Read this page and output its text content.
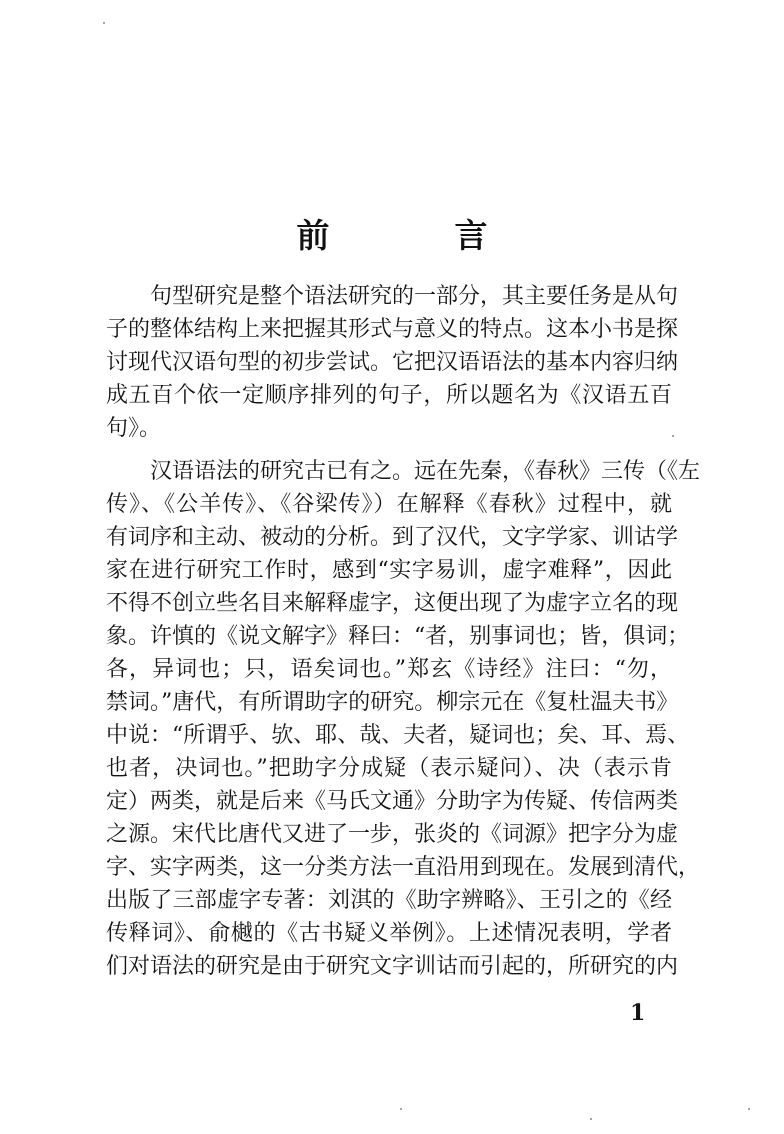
前　言
句型研究是整个语法研究的一部分，其主要任务是从句
子的整体结构上来把握其形式与意义的特点。这本小书是探
讨现代汉语句型的初步尝试。它把汉语语法的基本内容归纳
成五百个依一定顺序排列的句子，所以题名为《汉语五百
句》。
汉语语法的研究古已有之。远在先秦，《春秋》三传（《左
传》、《公羊传》、《谷梁传》）在解释《春秋》过程中，就
有词序和主动、被动的分析。到了汉代，文字学家、训诂学
家在进行研究工作时，感到“实字易训，虚字难释”，因此
不得不创立些名目来解释虚字，这便出现了为虚字立名的现
象。许慎的《说文解字》释曰：“者，别事词也；皆，俱词；
各，异词也；只，语矣词也。”郑玄《诗经》注曰：“勿，
禁词。”唐代，有所谓助字的研究。柳宗元在《复杜温夫书》
中说：“所谓乎、欤、耶、哉、夫者，疑词也；矣、耳、焉、
也者，决词也。”把助字分成疑（表示疑问）、决（表示肯
定）两类，就是后来《马氏文通》分助字为传疑、传信两类
之源。宋代比唐代又进了一步，张炎的《词源》把字分为虚
字、实字两类，这一分类方法一直沿用到现在。发展到清代，
出版了三部虚字专著：刘淇的《助字辨略》、王引之的《经
传释词》、俞樾的《古书疑义举例》。上述情况表明，学者
们对语法的研究是由于研究文字训诂而引起的，所研究的内
1
